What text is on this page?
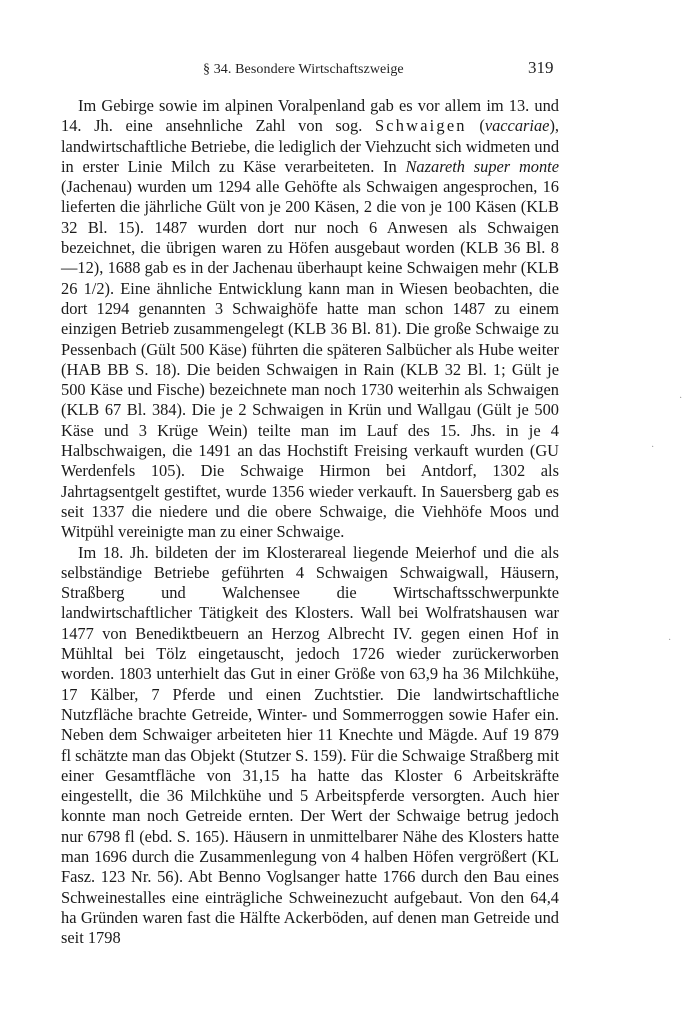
§ 34. Besondere Wirtschaftszweige	319

Im Gebirge sowie im alpinen Voralpenland gab es vor allem im 13. und 14. Jh. eine ansehnliche Zahl von sog. Schwaigen (vaccariae), landwirtschaftliche Betriebe, die lediglich der Viehzucht sich widmeten und in erster Linie Milch zu Käse verarbeiteten. In Nazareth super monte (Jachenau) wurden um 1294 alle Gehöfte als Schwaigen angesprochen, 16 lieferten die jährliche Gült von je 200 Käsen, 2 die von je 100 Käsen (KLB 32 Bl. 15). 1487 wurden dort nur noch 6 Anwesen als Schwaigen bezeichnet, die übrigen waren zu Höfen ausgebaut worden (KLB 36 Bl. 8—12), 1688 gab es in der Jachenau überhaupt keine Schwaigen mehr (KLB 26 1/2). Eine ähnliche Entwicklung kann man in Wiesen beobachten, die dort 1294 genannten 3 Schwaighöfe hatte man schon 1487 zu einem einzigen Betrieb zusammengelegt (KLB 36 Bl. 81). Die große Schwaige zu Pessenbach (Gült 500 Käse) führten die späteren Salbücher als Hube weiter (HAB BB S. 18). Die beiden Schwaigen in Rain (KLB 32 Bl. 1; Gült je 500 Käse und Fische) bezeichnete man noch 1730 weiterhin als Schwaigen (KLB 67 Bl. 384). Die je 2 Schwaigen in Krün und Wallgau (Gült je 500 Käse und 3 Krüge Wein) teilte man im Lauf des 15. Jhs. in je 4 Halbschwaigen, die 1491 an das Hochstift Freising verkauft wurden (GU Werdenfels 105). Die Schwaige Hirmon bei Antdorf, 1302 als Jahrtagsentgelt gestiftet, wurde 1356 wieder verkauft. In Sauersberg gab es seit 1337 die niedere und die obere Schwaige, die Viehhöfe Moos und Witpühl vereinigte man zu einer Schwaige.

Im 18. Jh. bildeten der im Klosterareal liegende Meierhof und die als selbständige Betriebe geführten 4 Schwaigen Schwaigwall, Häusern, Straßberg und Walchensee die Wirtschaftsschwerpunkte landwirtschaftlicher Tätigkeit des Klosters. Wall bei Wolfratshausen war 1477 von Benediktbeuern an Herzog Albrecht IV. gegen einen Hof in Mühltal bei Tölz eingetauscht, jedoch 1726 wieder zurückerworben worden. 1803 unterhielt das Gut in einer Größe von 63,9 ha 36 Milchkühe, 17 Kälber, 7 Pferde und einen Zuchtstier. Die landwirtschaftliche Nutzfläche brachte Getreide, Winter- und Sommerroggen sowie Hafer ein. Neben dem Schwaiger arbeiteten hier 11 Knechte und Mägde. Auf 19 879 fl schätzte man das Objekt (Stutzer S. 159). Für die Schwaige Straßberg mit einer Gesamtfläche von 31,15 ha hatte das Kloster 6 Arbeitskräfte eingestellt, die 36 Milchkühe und 5 Arbeitspferde versorgten. Auch hier konnte man noch Getreide ernten. Der Wert der Schwaige betrug jedoch nur 6798 fl (ebd. S. 165). Häusern in unmittelbarer Nähe des Klosters hatte man 1696 durch die Zusammenlegung von 4 halben Höfen vergrößert (KL Fasz. 123 Nr. 56). Abt Benno Voglsanger hatte 1766 durch den Bau eines Schweinestalles eine einträgliche Schweinezucht aufgebaut. Von den 64,4 ha Gründen waren fast die Hälfte Ackerböden, auf denen man Getreide und seit 1798

·
·
·
